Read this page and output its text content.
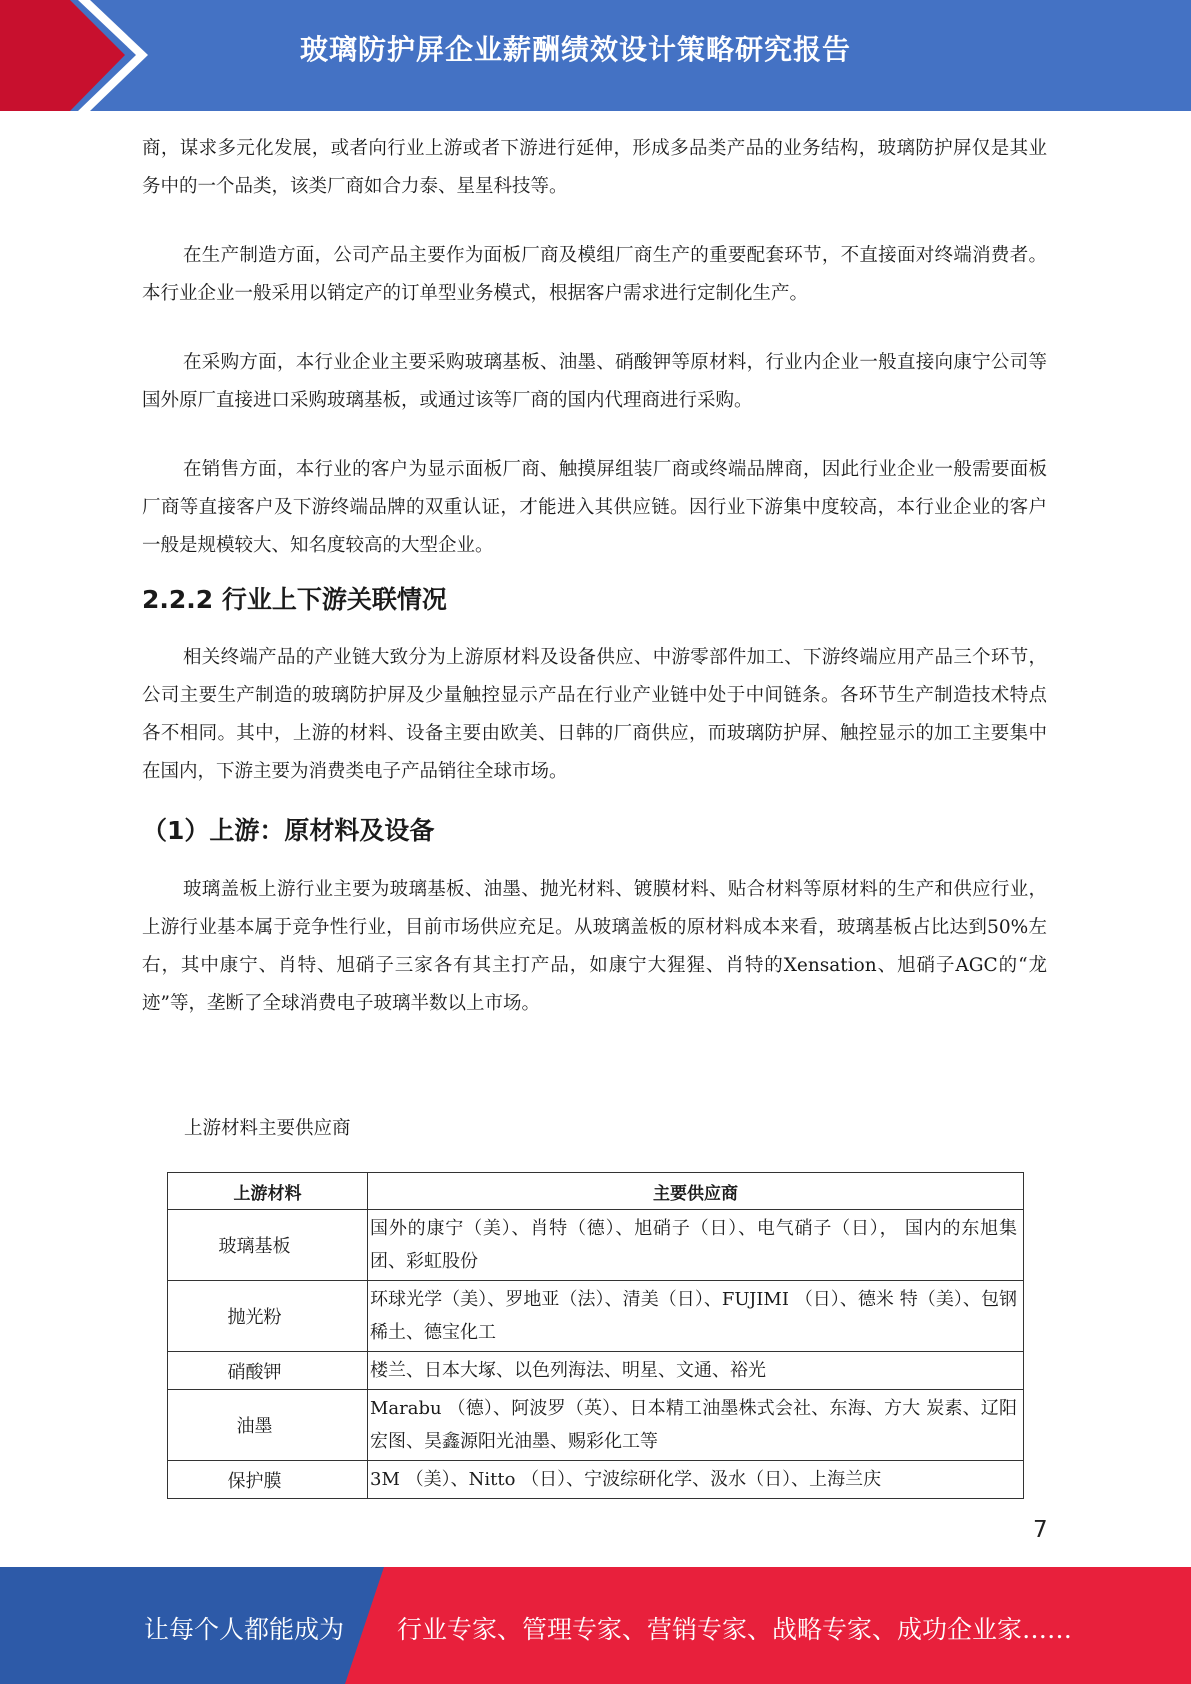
玻璃防护屏企业薪酬绩效设计策略研究报告

商，谋求多元化发展，或者向行业上游或者下游进行延伸，形成多品类产品的业务结构，玻璃防护屏仅是其业务中的一个品类，该类厂商如合力泰、星星科技等。

在生产制造方面，公司产品主要作为面板厂商及模组厂商生产的重要配套环节，不直接面对终端消费者。本行业企业一般采用以销定产的订单型业务模式，根据客户需求进行定制化生产。

在采购方面，本行业企业主要采购玻璃基板、油墨、硝酸钾等原材料，行业内企业一般直接向康宁公司等国外原厂直接进口采购玻璃基板，或通过该等厂商的国内代理商进行采购。

在销售方面，本行业的客户为显示面板厂商、触摸屏组装厂商或终端品牌商，因此行业企业一般需要面板厂商等直接客户及下游终端品牌的双重认证，才能进入其供应链。因行业下游集中度较高，本行业企业的客户一般是规模较大、知名度较高的大型企业。

2.2.2 行业上下游关联情况

相关终端产品的产业链大致分为上游原材料及设备供应、中游零部件加工、下游终端应用产品三个环节，公司主要生产制造的玻璃防护屏及少量触控显示产品在行业产业链中处于中间链条。各环节生产制造技术特点各不相同。其中，上游的材料、设备主要由欧美、日韩的厂商供应，而玻璃防护屏、触控显示的加工主要集中在国内，下游主要为消费类电子产品销往全球市场。

（1）上游：原材料及设备

玻璃盖板上游行业主要为玻璃基板、油墨、抛光材料、镀膜材料、贴合材料等原材料的生产和供应行业，上游行业基本属于竞争性行业，目前市场供应充足。从玻璃盖板的原材料成本来看，玻璃基板占比达到50%左右，其中康宁、肖特、旭硝子三家各有其主打产品，如康宁大猩猩、肖特的Xensation、旭硝子AGC的“龙迹”等，垄断了全球消费电子玻璃半数以上市场。

上游材料主要供应商
上游材料	主要供应商
玻璃基板	国外的康宁（美）、肖特（德）、旭硝子（日）、电气硝子（日）， 国内的东旭集团、彩虹股份
抛光粉	环球光学（美）、罗地亚（法）、清美（日）、FUJIMI （日）、德米 特（美）、包钢稀土、德宝化工
硝酸钾	楼兰、日本大塚、以色列海法、明星、文通、裕光
油墨	Marabu （德）、阿波罗（英）、日本精工油墨株式会社、东海、方大 炭素、辽阳宏图、昊鑫源阳光油墨、赐彩化工等
保护膜	3M （美）、Nitto （日）、宁波综研化学、汲水（日）、上海兰庆
7
让每个人都能成为 行业专家、管理专家、营销专家、战略专家、成功企业家……
